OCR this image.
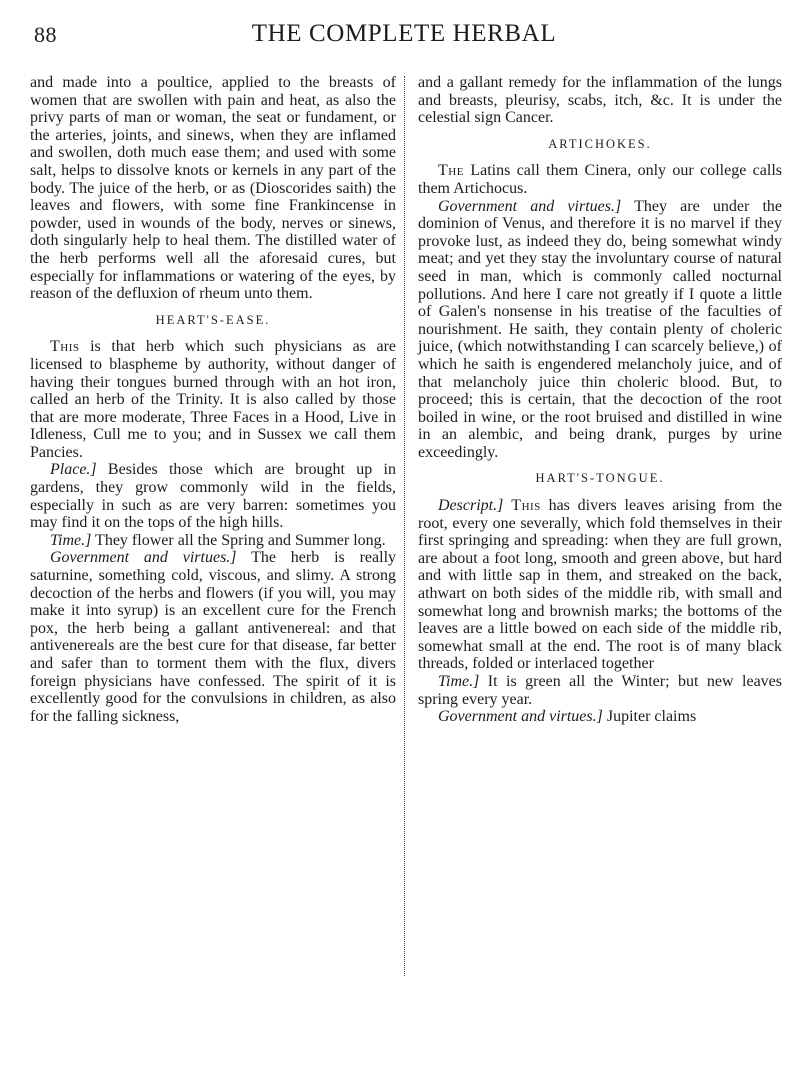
88	THE COMPLETE HERBAL

and made into a poultice, applied to the breasts of women that are swollen with pain and heat, as also the privy parts of man or woman, the seat or fundament, or the arteries, joints, and sinews, when they are inflamed and swollen, doth much ease them; and used with some salt, helps to dissolve knots or kernels in any part of the body. The juice of the herb, or as (Dioscorides saith) the leaves and flowers, with some fine Frankincense in powder, used in wounds of the body, nerves or sinews, doth singularly help to heal them. The distilled water of the herb performs well all the aforesaid cures, but especially for inflammations or watering of the eyes, by reason of the defluxion of rheum unto them.

HEART'S-EASE.

This is that herb which such physicians as are licensed to blaspheme by authority, without danger of having their tongues burned through with an hot iron, called an herb of the Trinity. It is also called by those that are more moderate, Three Faces in a Hood, Live in Idleness, Cull me to you; and in Sussex we call them Pancies.

Place.] Besides those which are brought up in gardens, they grow commonly wild in the fields, especially in such as are very barren: sometimes you may find it on the tops of the high hills.

Time.] They flower all the Spring and Summer long.

Government and virtues.] The herb is really saturnine, something cold, viscous, and slimy. A strong decoction of the herbs and flowers (if you will, you may make it into syrup) is an excellent cure for the French pox, the herb being a gallant antivenereal: and that antivenereals are the best cure for that disease, far better and safer than to torment them with the flux, divers foreign physicians have confessed. The spirit of it is excellently good for the convulsions in children, as also for the falling sickness,

and a gallant remedy for the inflammation of the lungs and breasts, pleurisy, scabs, itch, &c. It is under the celestial sign Cancer.

ARTICHOKES.

The Latins call them Cinera, only our college calls them Artichocus.

Government and virtues.] They are under the dominion of Venus, and therefore it is no marvel if they provoke lust, as indeed they do, being somewhat windy meat; and yet they stay the involuntary course of natural seed in man, which is commonly called nocturnal pollutions. And here I care not greatly if I quote a little of Galen's nonsense in his treatise of the faculties of nourishment. He saith, they contain plenty of choleric juice, (which notwithstanding I can scarcely believe,) of which he saith is engendered melancholy juice, and of that melancholy juice thin choleric blood. But, to proceed; this is certain, that the decoction of the root boiled in wine, or the root bruised and distilled in wine in an alembic, and being drank, purges by urine exceedingly.

HART'S-TONGUE.

Descript.] This has divers leaves arising from the root, every one severally, which fold themselves in their first springing and spreading: when they are full grown, are about a foot long, smooth and green above, but hard and with little sap in them, and streaked on the back, athwart on both sides of the middle rib, with small and somewhat long and brownish marks; the bottoms of the leaves are a little bowed on each side of the middle rib, somewhat small at the end. The root is of many black threads, folded or interlaced together

Time.] It is green all the Winter; but new leaves spring every year.

Government and virtues.] Jupiter claims
